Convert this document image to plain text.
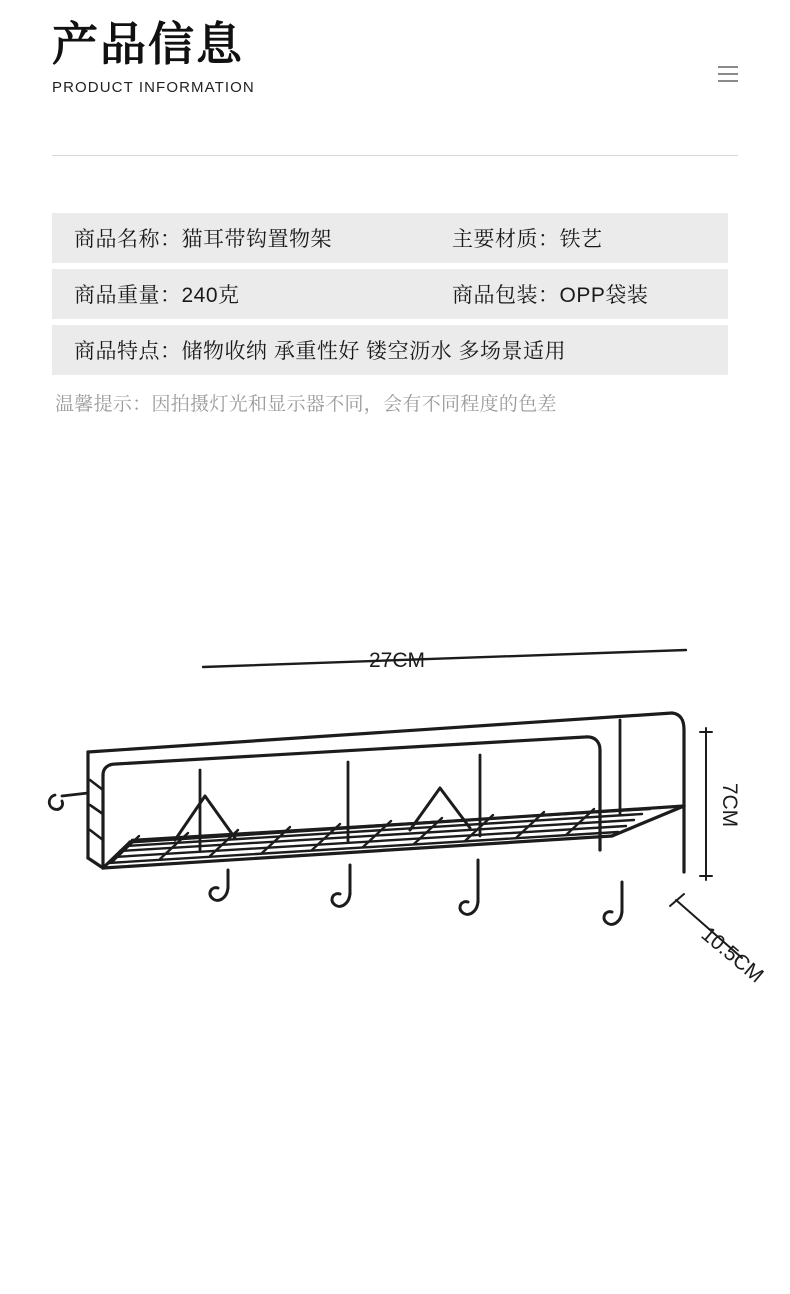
产品信息
PRODUCT INFORMATION
商品名称：猫耳带钩置物架	主要材质：铁艺
商品重量：240克	商品包装：OPP袋装
商品特点：储物收纳 承重性好 镂空沥水 多场景适用
温馨提示：因拍摄灯光和显示器不同，会有不同程度的色差
27CM
7CM
10.5CM
